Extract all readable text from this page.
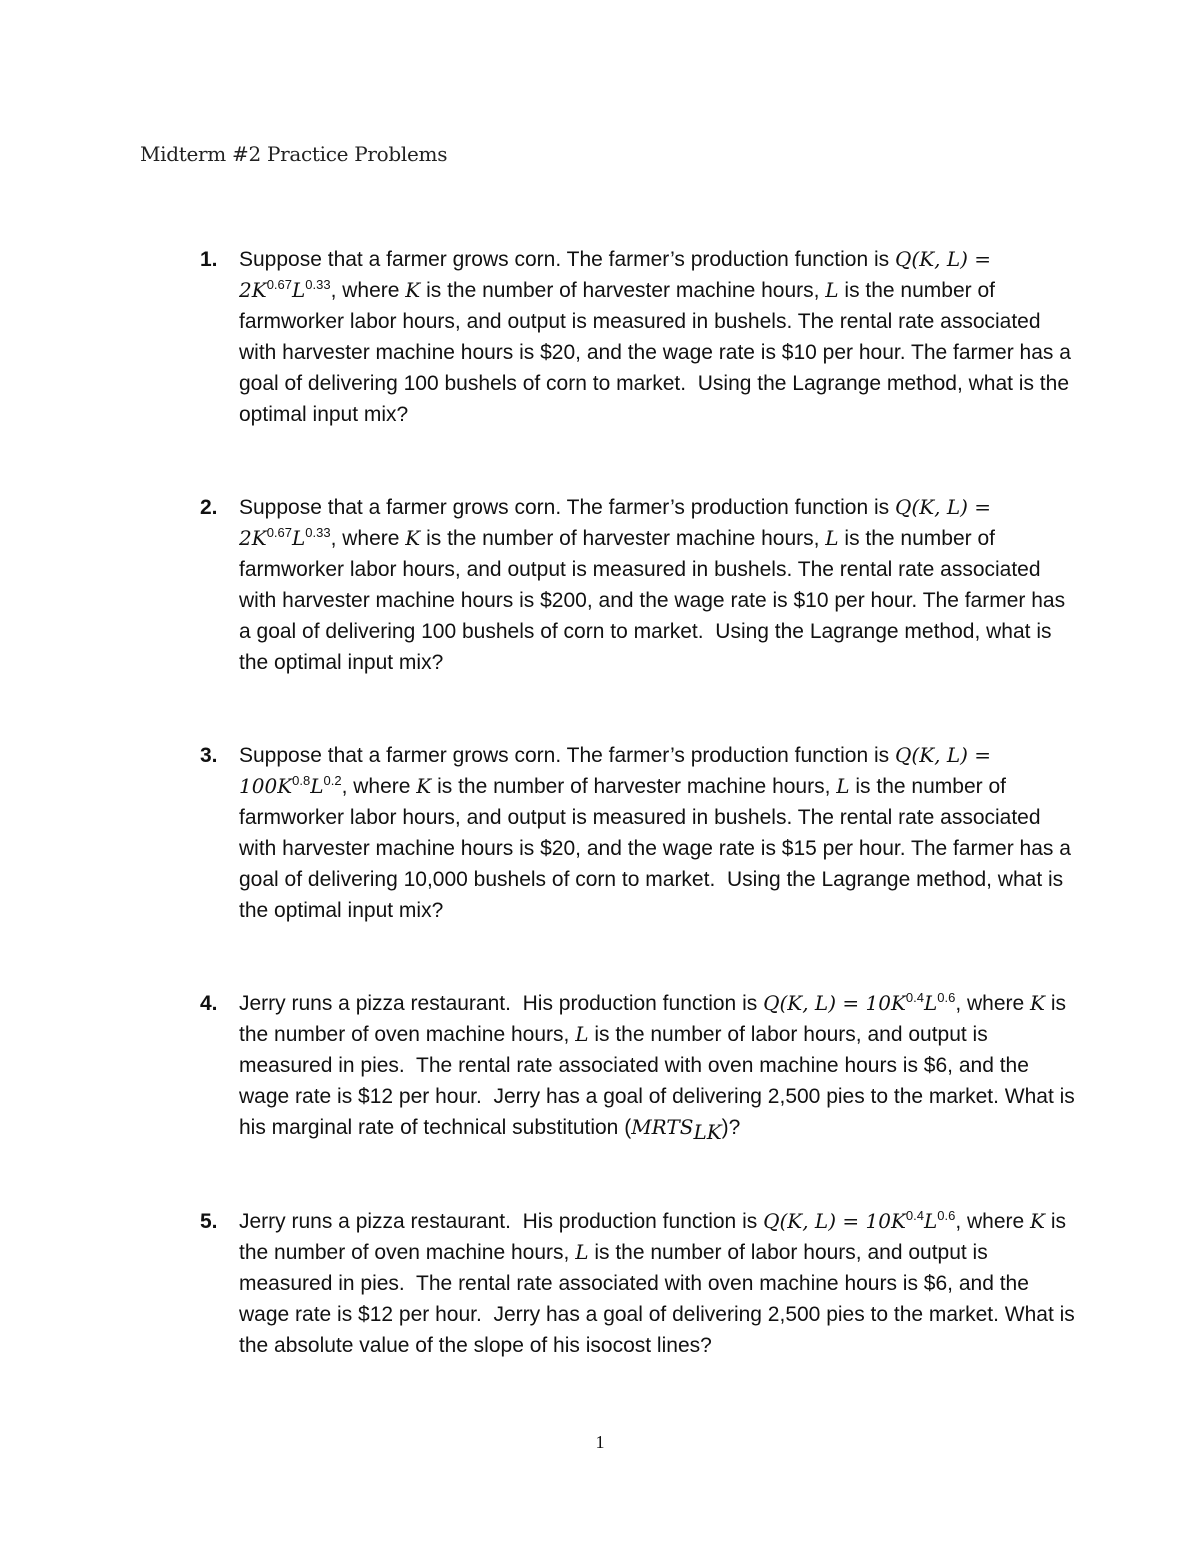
Midterm #2 Practice Problems
1. Suppose that a farmer grows corn. The farmer’s production function is Q(K, $L) = 2K^{0.67}L^{0.33}$, where K is the number of harvester machine hours, L is the number of farmworker labor hours, and output is measured in bushels. The rental rate associated with harvester machine hours is $20, and the wage rate is $10 per hour. The farmer has a goal of delivering 100 bushels of corn to market.  Using the Lagrange method, what is the optimal input mix?
2. Suppose that a farmer grows corn. The farmer’s production function is Q(K, $L) = 2K^{0.67}L^{0.33}$, where K is the number of harvester machine hours, L is the number of farmworker labor hours, and output is measured in bushels. The rental rate associated with harvester machine hours is $200, and the wage rate is $10 per hour. The farmer has a goal of delivering 100 bushels of corn to market.  Using the Lagrange method, what is the optimal input mix?
3. Suppose that a farmer grows corn. The farmer’s production function is Q(K, $L) = 100K^{0.8}L^{0.2}$, where K is the number of harvester machine hours, L is the number of farmworker labor hours, and output is measured in bushels. The rental rate associated with harvester machine hours is $20, and the wage rate is $15 per hour. The farmer has a goal of delivering 10,000 bushels of corn to market.  Using the Lagrange method, what is the optimal input mix?
4. Jerry runs a pizza restaurant.  His production function is Q(K, $L) = 10K^{0.4}L^{0.6}$, where K is the number of oven machine hours, L is the number of labor hours, and output is measured in pies.  The rental rate associated with oven machine hours is $6, and the wage rate is $12 per hour.  Jerry has a goal of delivering 2,500 pies to the market. What is his marginal rate of technical substitution $(MRTS_{LK})$?
5. Jerry runs a pizza restaurant.  His production function is Q(K, $L) = 10K^{0.4}L^{0.6}$, where K is the number of oven machine hours, L is the number of labor hours, and output is measured in pies.  The rental rate associated with oven machine hours is $6, and the wage rate is $12 per hour.  Jerry has a goal of delivering 2,500 pies to the market. What is the absolute value of the slope of his isocost lines?
1
